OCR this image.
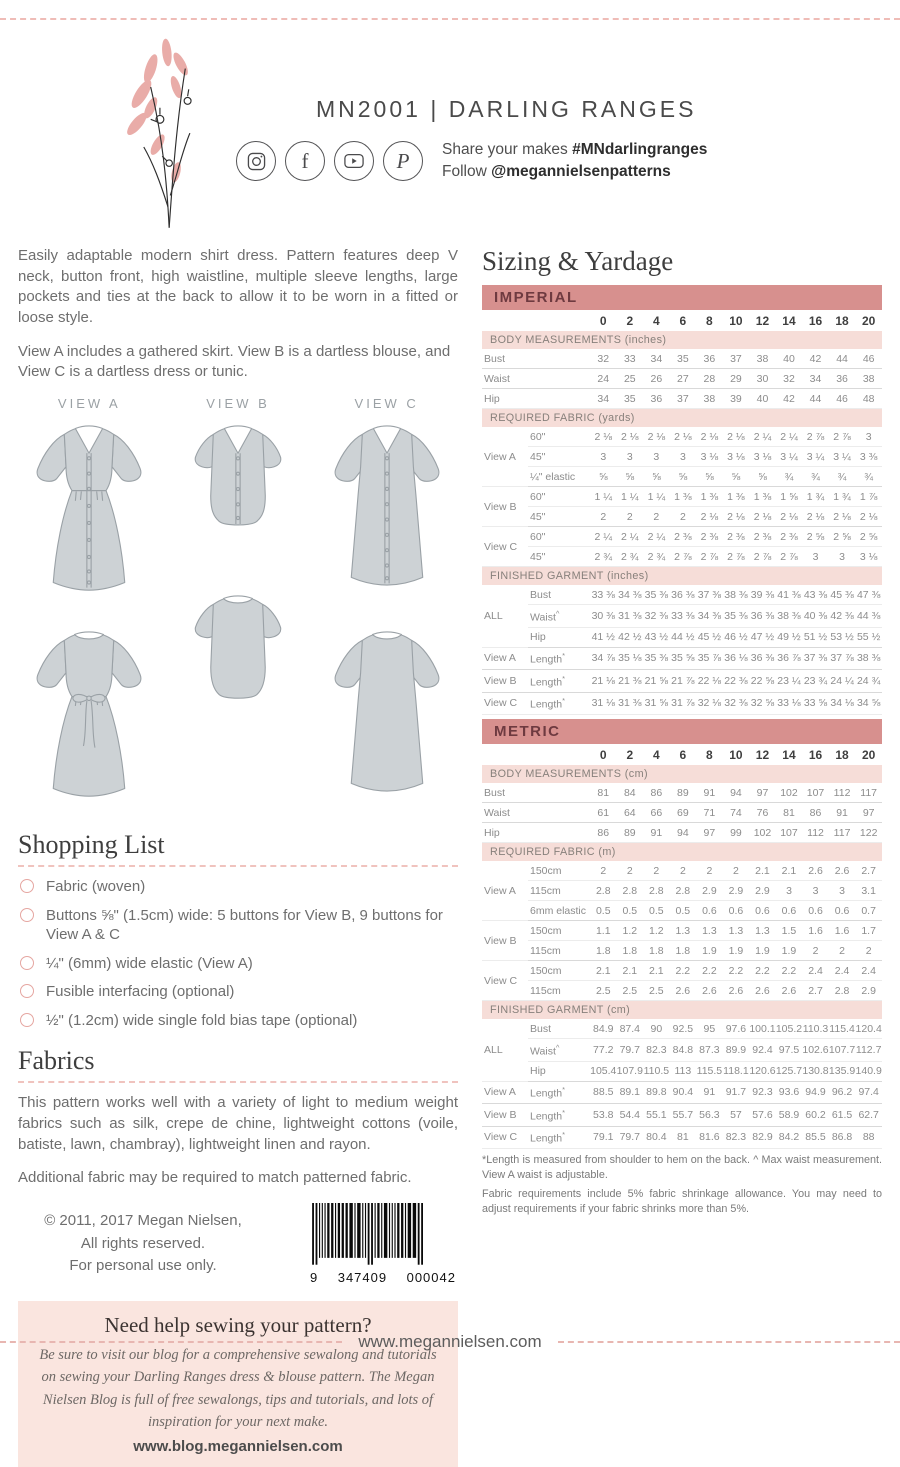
MN2001 | DARLING RANGES
f	P Share your makes #MNdarlingranges
Follow @megannielsenpatterns

Easily adaptable modern shirt dress. Pattern features deep V neck, button front, high waistline, multiple sleeve lengths, large pockets and ties at the back to allow it to be worn in a fitted or loose style.

View A includes a gathered skirt. View B is a dartless blouse, and View C is a dartless dress or tunic.

VIEW A	VIEW B	VIEW C
Shopping List
Fabric (woven)
Buttons ⅝" (1.5cm) wide: 5 buttons for View B, 9 buttons for View A & C
¼" (6mm) wide elastic (View A)
Fusible interfacing (optional)
½" (1.2cm) wide single fold bias tape (optional)
Fabrics

This pattern works well with a variety of light to medium weight fabrics such as silk, crepe de chine, lightweight cottons (voile, batiste, lawn, chambray), lightweight linen and rayon.

Additional fabric may be required to match patterned fabric.

© 2011, 2017 Megan Nielsen,
All rights reserved.
For personal use only.
9 347409 000042
Need help sewing your pattern?
Be sure to visit our blog for a comprehensive sewalong and tutorials on sewing your Darling Ranges dress & blouse pattern. The Megan Nielsen Blog is full of free sewalongs, tips and tutorials, and lots of inspiration for your next make.
www.blog.megannielsen.com
Sizing & Yardage
IMPERIAL
		0	2	4	6	8	10	12	14	16	18	20
BODY MEASUREMENTS (inches)												
Bust		32	33	34	35	36	37	38	40	42	44	46
Waist		24	25	26	27	28	29	30	32	34	36	38
Hip		34	35	36	37	38	39	40	42	44	46	48
REQUIRED FABRIC (yards)												
View A	60"	2 ⅛	2 ⅛	2 ⅛	2 ⅛	2 ⅛	2 ⅛	2 ¼	2 ¼	2 ⅞	2 ⅞	3
	45"	3	3	3	3	3 ⅛	3 ⅛	3 ⅛	3 ¼	3 ¼	3 ¼	3 ⅜
	¼" elastic	⅝	⅝	⅝	⅝	⅝	⅝	⅝	¾	¾	¾	¾
View B	60"	1 ¼	1 ¼	1 ¼	1 ⅜	1 ⅜	1 ⅜	1 ⅜	1 ⅝	1 ¾	1 ¾	1 ⅞
	45"	2	2	2	2	2 ⅛	2 ⅛	2 ⅛	2 ⅛	2 ⅛	2 ⅛	2 ⅛
View C	60"	2 ¼	2 ¼	2 ¼	2 ⅜	2 ⅜	2 ⅜	2 ⅜	2 ⅜	2 ⅝	2 ⅝	2 ⅝
	45"	2 ¾	2 ¾	2 ¾	2 ⅞	2 ⅞	2 ⅞	2 ⅞	2 ⅞	3	3	3 ⅛
FINISHED GARMENT (inches)												
ALL	Bust	33 ⅜	34 ⅜	35 ⅜	36 ⅜	37 ⅜	38 ⅜	39 ⅜	41 ⅜	43 ⅜	45 ⅜	47 ⅜
	Waist^	30 ⅜	31 ⅜	32 ⅜	33 ⅜	34 ⅜	35 ⅜	36 ⅜	38 ⅜	40 ⅜	42 ⅜	44 ⅜
	Hip	41 ½	42 ½	43 ½	44 ½	45 ½	46 ½	47 ½	49 ½	51 ½	53 ½	55 ½
View A	Length*	34 ⅞	35 ⅛	35 ⅜	35 ⅝	35 ⅞	36 ⅛	36 ⅜	36 ⅞	37 ⅜	37 ⅞	38 ⅜
View B	Length*	21 ⅛	21 ⅜	21 ⅝	21 ⅞	22 ⅛	22 ⅜	22 ⅝	23 ¼	23 ¾	24 ¼	24 ¾
View C	Length*	31 ⅛	31 ⅜	31 ⅝	31 ⅞	32 ⅛	32 ⅜	32 ⅝	33 ⅛	33 ⅝	34 ⅛	34 ⅝
METRIC
		0	2	4	6	8	10	12	14	16	18	20
BODY MEASUREMENTS (cm)												
Bust		81	84	86	89	91	94	97	102	107	112	117
Waist		61	64	66	69	71	74	76	81	86	91	97
Hip		86	89	91	94	97	99	102	107	112	117	122
REQUIRED FABRIC (m)												
View A	150cm	2	2	2	2	2	2	2.1	2.1	2.6	2.6	2.7
	115cm	2.8	2.8	2.8	2.8	2.9	2.9	2.9	3	3	3	3.1
	6mm elastic	0.5	0.5	0.5	0.5	0.6	0.6	0.6	0.6	0.6	0.6	0.7
View B	150cm	1.1	1.2	1.2	1.3	1.3	1.3	1.3	1.5	1.6	1.6	1.7
	115cm	1.8	1.8	1.8	1.8	1.9	1.9	1.9	1.9	2	2	2
View C	150cm	2.1	2.1	2.1	2.2	2.2	2.2	2.2	2.2	2.4	2.4	2.4
	115cm	2.5	2.5	2.5	2.6	2.6	2.6	2.6	2.6	2.7	2.8	2.9
FINISHED GARMENT (cm)												
ALL	Bust	84.9	87.4	90	92.5	95	97.6	100.1	105.2	110.3	115.4	120.4
	Waist^	77.2	79.7	82.3	84.8	87.3	89.9	92.4	97.5	102.6	107.7	112.7
	Hip	105.4	107.9	110.5	113	115.5	118.1	120.6	125.7	130.8	135.9	140.9
View A	Length*	88.5	89.1	89.8	90.4	91	91.7	92.3	93.6	94.9	96.2	97.4
View B	Length*	53.8	54.4	55.1	55.7	56.3	57	57.6	58.9	60.2	61.5	62.7
View C	Length*	79.1	79.7	80.4	81	81.6	82.3	82.9	84.2	85.5	86.8	88

*Length is measured from shoulder to hem on the back. ^ Max waist measurement. View A waist is adjustable.

Fabric requirements include 5% fabric shrinkage allowance. You may need to adjust requirements if your fabric shrinks more than 5%.

www.megannielsen.com
